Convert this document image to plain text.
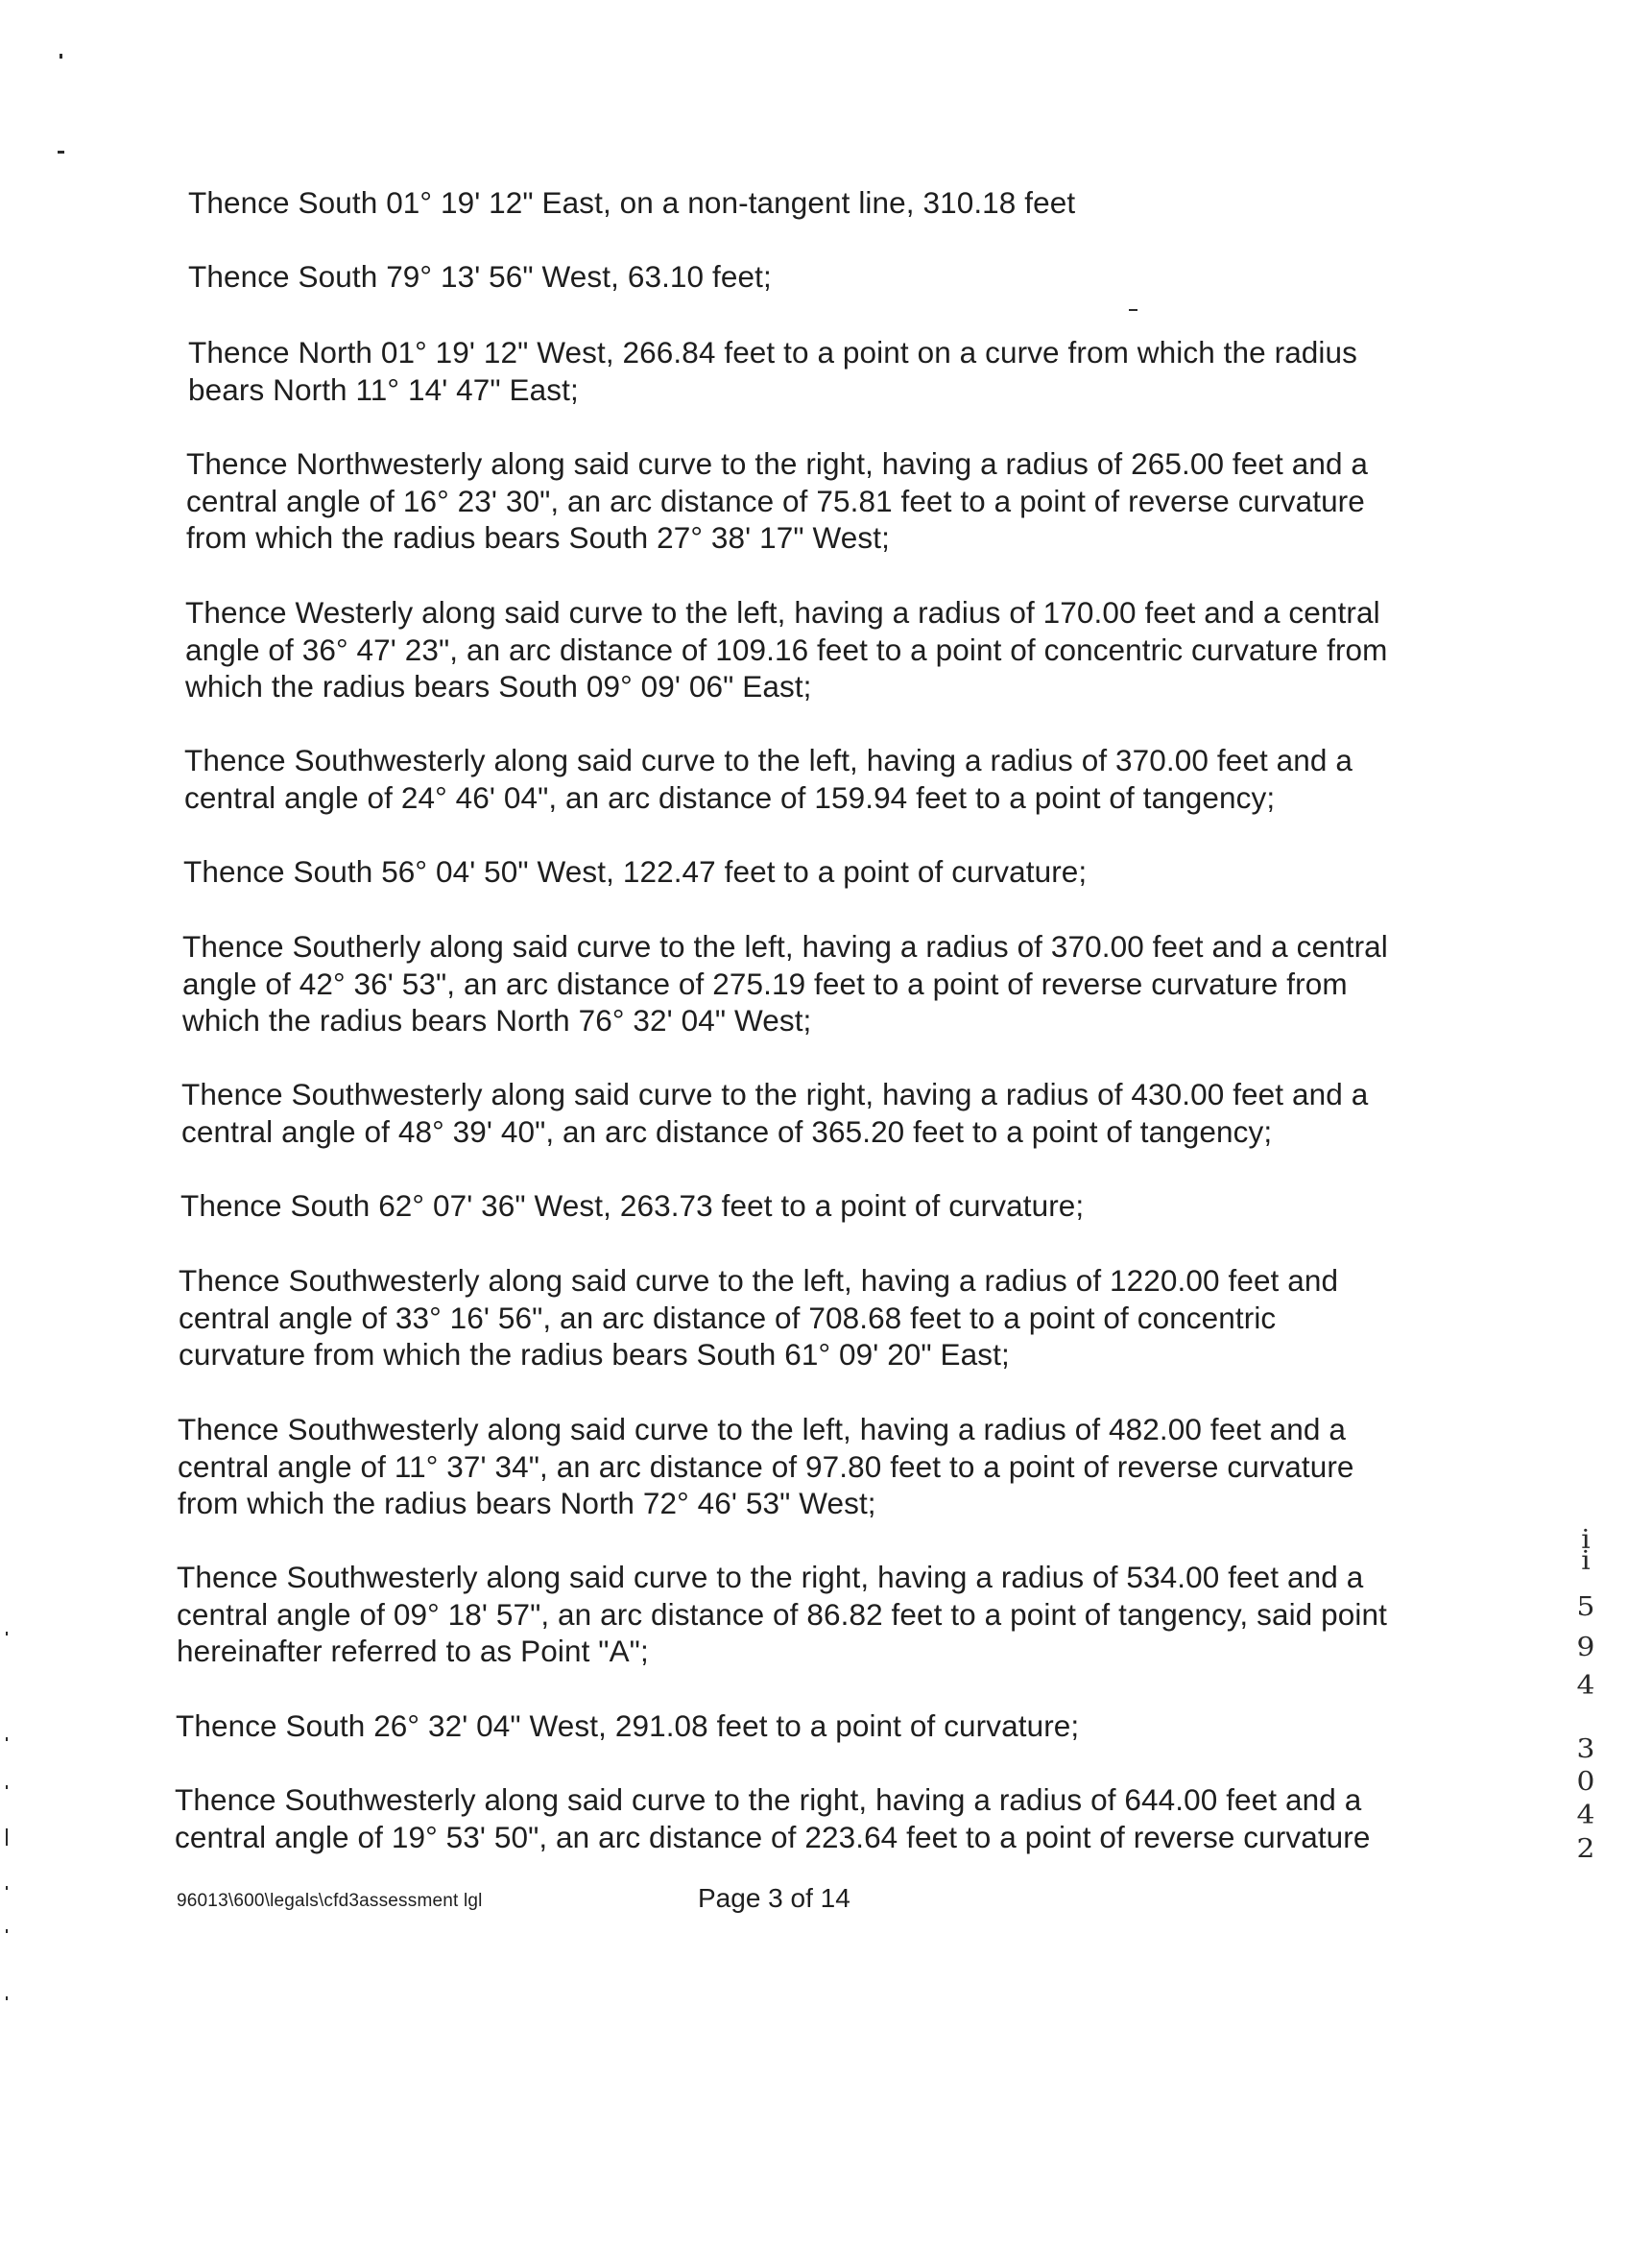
Thence South 01° 19' 12" East, on a non-tangent line, 310.18 feet

Thence South 79° 13' 56" West, 63.10 feet;

Thence North 01° 19' 12" West, 266.84 feet to a point on a curve from which the radius
bears North 11° 14' 47" East;

Thence Northwesterly along said curve to the right, having a radius of 265.00 feet and a
central angle of 16° 23' 30", an arc distance of 75.81 feet to a point of reverse curvature
from which the radius bears South 27° 38' 17" West;

Thence Westerly along said curve to the left, having a radius of 170.00 feet and a central
angle of 36° 47' 23", an arc distance of 109.16 feet to a point of concentric curvature from
which the radius bears South 09° 09' 06" East;

Thence Southwesterly along said curve to the left, having a radius of 370.00 feet and a
central angle of 24° 46' 04", an arc distance of 159.94 feet to a point of tangency;

Thence South 56° 04' 50" West, 122.47 feet to a point of curvature;

Thence Southerly along said curve to the left, having a radius of 370.00 feet and a central
angle of 42° 36' 53", an arc distance of 275.19 feet to a point of reverse curvature from
which the radius bears North 76° 32' 04" West;

Thence Southwesterly along said curve to the right, having a radius of 430.00 feet and a
central angle of 48° 39' 40", an arc distance of 365.20 feet to a point of tangency;

Thence South 62° 07' 36" West, 263.73 feet to a point of curvature;

Thence Southwesterly along said curve to the left, having a radius of 1220.00 feet and
central angle of 33° 16' 56", an arc distance of 708.68 feet to a point of concentric
curvature from which the radius bears South 61° 09' 20" East;

Thence Southwesterly along said curve to the left, having a radius of 482.00 feet and a
central angle of 11° 37' 34", an arc distance of 97.80 feet to a point of reverse curvature
from which the radius bears North 72° 46' 53" West;

Thence Southwesterly along said curve to the right, having a radius of 534.00 feet and a
central angle of 09° 18' 57", an arc distance of 86.82 feet to a point of tangency, said point
hereinafter referred to as Point "A";

Thence South 26° 32' 04" West, 291.08 feet to a point of curvature;

Thence Southwesterly along said curve to the right, having a radius of 644.00 feet and a
central angle of 19° 53' 50", an arc distance of 223.64 feet to a point of reverse curvature

96013\600\legals\cfd3assessment lgl	Page 3 of 14
i
i
5
9
4
3
0
4
2
